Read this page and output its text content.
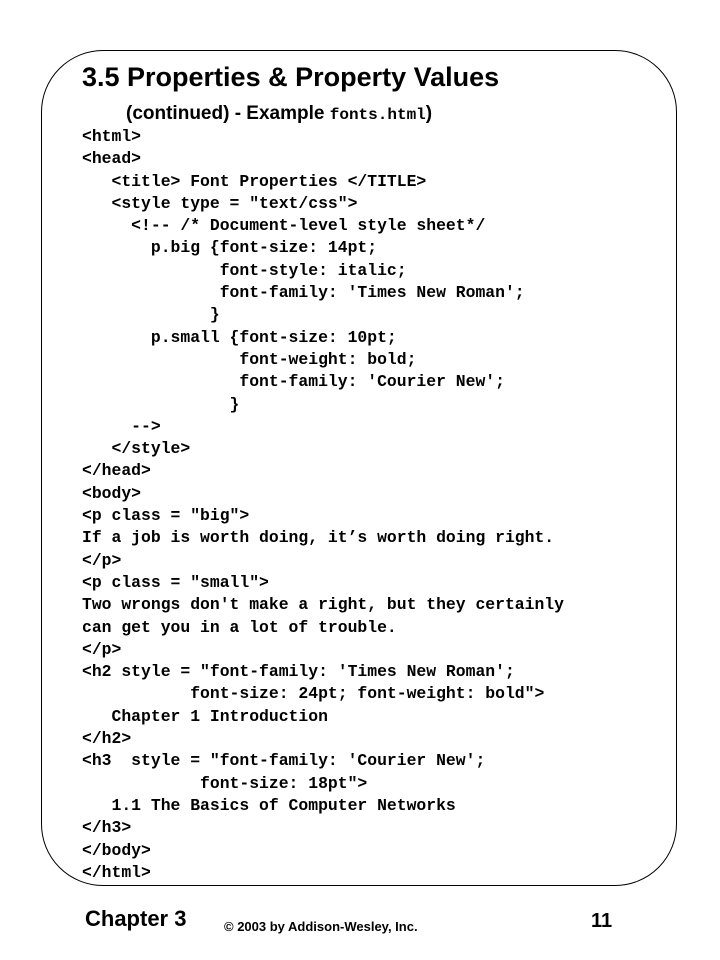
3.5 Properties & Property Values
(continued) - Example fonts.html)
<html>
<head>
<title> Font Properties </TITLE>
<style type = "text/css">
<!-- /* Document-level style sheet*/
p.big {font-size: 14pt;
font-style: italic;
font-family: 'Times New Roman';
}
p.small {font-size: 10pt;
font-weight: bold;
font-family: 'Courier New';
}
-->
</style>
</head>
<body>
<p class = "big">
If a job is worth doing, it’s worth doing right.
</p>
<p class = "small">
Two wrongs don't make a right, but they certainly
can get you in a lot of trouble.
</p>
<h2 style = "font-family: 'Times New Roman';
font-size: 24pt; font-weight: bold">
Chapter 1 Introduction
</h2>
<h3  style = "font-family: 'Courier New';
font-size: 18pt">
1.1 The Basics of Computer Networks
</h3>
</body>
</html>
Chapter 3	© 2003 by Addison-Wesley, Inc.	11
